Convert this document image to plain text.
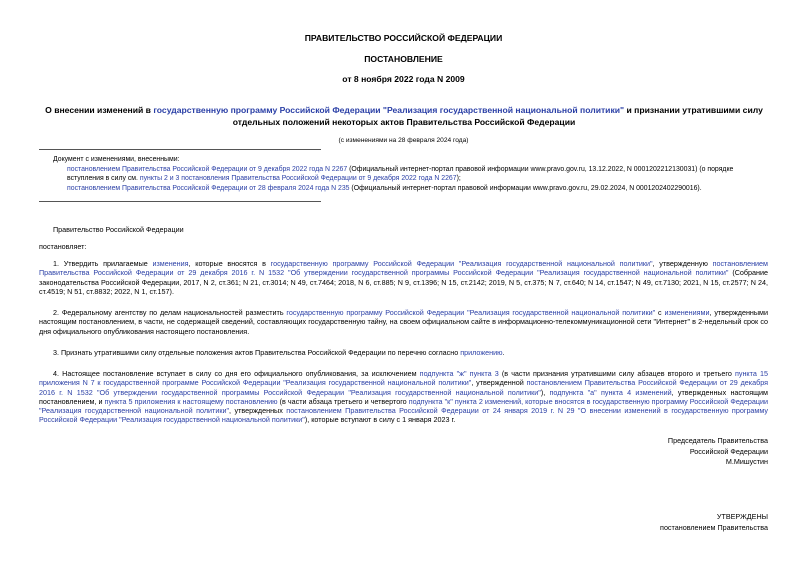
ПРАВИТЕЛЬСТВО РОССИЙСКОЙ ФЕДЕРАЦИИ
ПОСТАНОВЛЕНИЕ
от 8 ноября 2022 года N 2009
О внесении изменений в государственную программу Российской Федерации "Реализация государственной национальной политики" и признании утратившими силу отдельных положений некоторых актов Правительства Российской Федерации
(с изменениями на 28 февраля 2024 года)

Документ с изменениями, внесенными:

постановлением Правительства Российской Федерации от 9 декабря 2022 года N 2267 (Официальный интернет-портал правовой информации www.pravo.gov.ru, 13.12.2022, N 0001202212130031) (о порядке вступления в силу см. пункты 2 и 3 постановления Правительства Российской Федерации от 9 декабря 2022 года N 2267);

постановлением Правительства Российской Федерации от 28 февраля 2024 года N 235 (Официальный интернет-портал правовой информации www.pravo.gov.ru, 29.02.2024, N 0001202402290016).

Правительство Российской Федерации
постановляет:

1. Утвердить прилагаемые изменения, которые вносятся в государственную программу Российской Федерации "Реализация государственной национальной политики", утвержденную постановлением Правительства Российской Федерации от 29 декабря 2016 г. N 1532 "Об утверждении государственной программы Российской Федерации "Реализация государственной национальной политики" (Собрание законодательства Российской Федерации, 2017, N 2, ст.361; N 21, ст.3014; N 49, ст.7464; 2018, N 6, ст.885; N 9, ст.1396; N 15, ст.2142; 2019, N 5, ст.375; N 7, ст.640; N 14, ст.1547; N 49, ст.7130; 2021, N 15, ст.2577; N 24, ст.4519; N 51, ст.8832; 2022, N 1, ст.157).

2. Федеральному агентству по делам национальностей разместить государственную программу Российской Федерации "Реализация государственной национальной политики" с изменениями, утвержденными настоящим постановлением, в части, не содержащей сведений, составляющих государственную тайну, на своем официальном сайте в информационно-телекоммуникационной сети "Интернет" в 2-недельный срок со дня официального опубликования настоящего постановления.

3. Признать утратившими силу отдельные положения актов Правительства Российской Федерации по перечню согласно приложению.

4. Настоящее постановление вступает в силу со дня его официального опубликования, за исключением подпункта "ж" пункта 3 (в части признания утратившими силу абзацев второго и третьего пункта 15 приложения N 7 к государственной программе Российской Федерации "Реализация государственной национальной политики", утвержденной постановлением Правительства Российской Федерации от 29 декабря 2016 г. N 1532 "Об утверждении государственной программы Российской Федерации "Реализация государственной национальной политики"), подпункта "а" пункта 4 изменений, утвержденных настоящим постановлением, и пункта 5 приложения к настоящему постановлению (в части абзаца третьего и четвертого подпункта "к" пункта 2 изменений, которые вносятся в государственную программу Российской Федерации "Реализация государственной национальной политики", утвержденных постановлением Правительства Российской Федерации от 24 января 2019 г. N 29 "О внесении изменений в государственную программу Российской Федерации "Реализация государственной национальной политики"), которые вступают в силу с 1 января 2023 г.

Председатель Правительства
Российской Федерации
М.Мишустин
УТВЕРЖДЕНЫ
постановлением Правительства
